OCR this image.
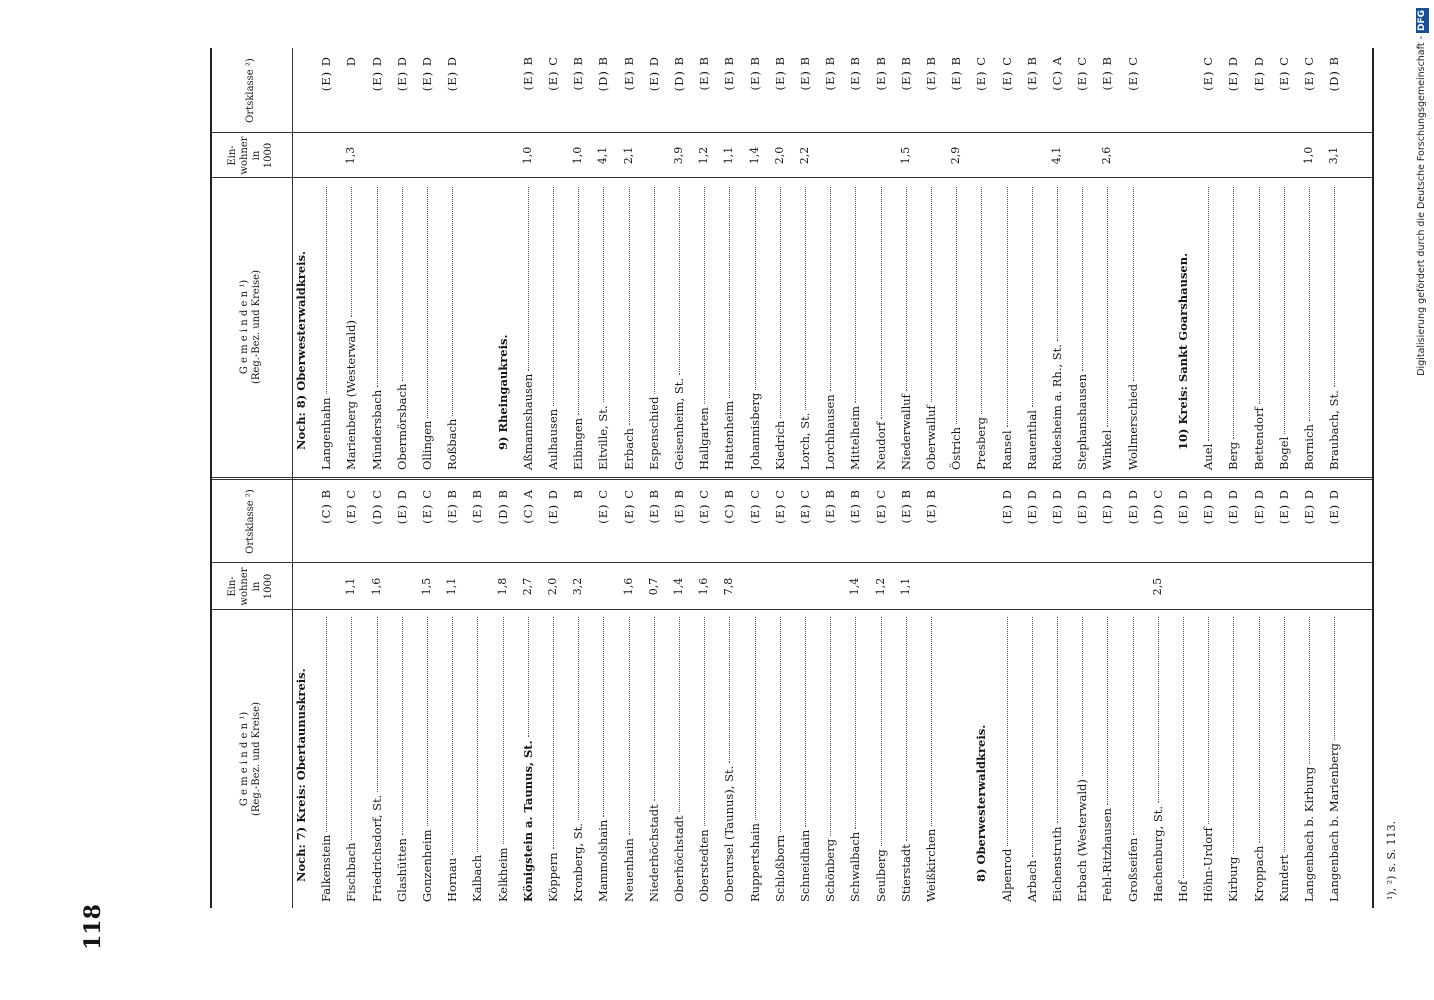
118
G e m e i n d e n ¹) (Reg.-Bez. und Kreise)
Ein- wohner in 1000
Ortsklasse ²)
G e m e i n d e n ¹) (Reg.-Bez. und Kreise)
Ein- wohner in 1000
Ortsklasse ²)
Noch: 7) Kreis: Obertaunuskreis. Falkenstein
(C) B
Fischbach
1,1
(E) C
Friedrichsdorf, St.
1,6
(D) C
Glashütten
(E) D
Gonzenheim
1,5
(E) C
Hornau
1,1
(E) B
Kalbach
(E) B
Kelkheim
1,8
(D) B
Königstein a. Taunus, St.
2,7
(C) A
Köppern
2,0
(E) D
Kronberg, St.
3,2
B
Mammolshain
(E) C
Neuenhain
1,6
(E) C
Niederhöchstadt
0,7
(E) B
Oberhöchstadt
1,4
(E) B
Oberstedten
1,6
(E) C
Oberursel (Taunus), St.
7,8
(C) B
Ruppertshain
(E) C
Schloßborn
(E) C
Schneidhain
(E) C
Schönberg
(E) B
Schwalbach
1,4
(E) B
Seulberg
1,2
(E) C
Stierstadt
1,1
(E) B
Weißkirchen
(E) B
8) Oberwesterwaldkreis. Alpenrod
(E) D
Arbach
(E) D
Eichenstruth
(E) D
Erbach (Westerwald)
(E) D
Fehl-Ritzhausen
(E) D
Großseifen
(E) D
Hachenburg, St.
2,5
(D) C
Hof
(E) D
Höhn-Urdorf
(E) D
Kirburg
(E) D
Kroppach
(E) D
Kundert
(E) D
Langenbach b. Kirburg
(E) D
Langenbach b. Marienberg
(E) D
Noch: 8) Oberwesterwaldkreis. Langenhahn
(E) D
Marienberg (Westerwald)
1,3
D
Mündersbach
(E) D
Obermörsbach
(E) D
Ollingen
(E) D
Roßbach
(E) D
9) Rheingaukreis. Aßmannshausen
1,0
(E) B
Aulhausen
(E) C
Eibingen
1,0
(E) B
Eltville, St.
4,1
(D) B
Erbach
2,1
(E) B
Espenschied
(E) D
Geisenheim, St.
3,9
(D) B
Hallgarten
1,2
(E) B
Hattenheim
1,1
(E) B
Johannisberg
1,4
(E) B
Kiedrich
2,0
(E) B
Lorch, St.
2,2
(E) B
Lorchhausen
(E) B
Mittelheim
(E) B
Neudorf
(E) B
Niederwalluf
1,5
(E) B
Oberwalluf
(E) B
Östrich
2,9
(E) B
Presberg
(E) C
Ransel
(E) C
Rauenthal
(E) B
Rüdesheim a. Rh., St.
4,1
(C) A
Stephanshausen
(E) C
Winkel
2,6
(E) B
Wollmerschied
(E) C
10) Kreis: Sankt Goarshausen.
Auel
(E) C
Berg
(E) D
Bettendorf
(E) D
Bogel
(E) C
Bornich
1,0
(E) C
Braubach, St.
3,1
(D) B
¹), ²) s. S. 113.
Digitalisierung gefördert durch die Deutsche Forschungsgemeinschaft -DFG
